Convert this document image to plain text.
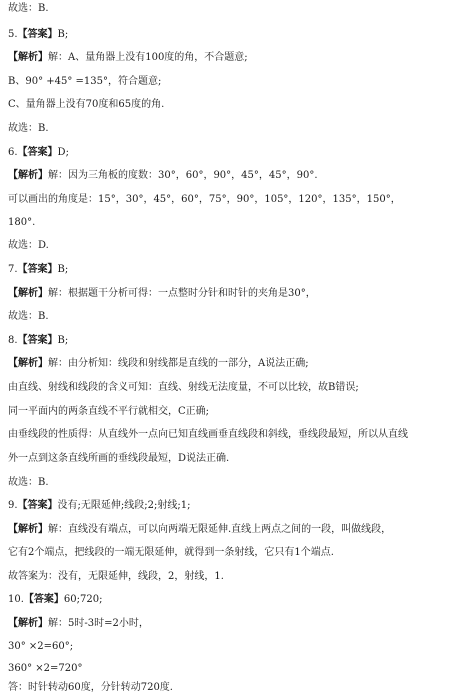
故选：B.
5.【答案】B;
【解析】解：A、量角器上没有100度的角，不合题意;
B、90° +45° =135°，符合题意;
C、量角器上没有70度和65度的角.
故选：B.
6.【答案】D;
【解析】解：因为三角板的度数：30°，60°，90°，45°，45°，90°.
可以画出的角度是：15°，30°，45°，60°，75°，90°，105°，120°，135°，150°，
180°.
故选：D.
7.【答案】B;
【解析】解：根据题干分析可得：一点整时分针和时针的夹角是30°，
故选：B.
8.【答案】B;
【解析】解：由分析知：线段和射线都是直线的一部分，A说法正确;
由直线、射线和线段的含义可知：直线、射线无法度量，不可以比较，故B错误;
同一平面内的两条直线不平行就相交，C正确;
由垂线段的性质得：从直线外一点向已知直线画垂直线段和斜线，垂线段最短，所以从直线
外一点到这条直线所画的垂线段最短，D说法正确.
故选：B.
9.【答案】没有;无限延伸;线段;2;射线;1;
【解析】解：直线没有端点，可以向两端无限延伸.直线上两点之间的一段，叫做线段，
它有2个端点，把线段的一端无限延伸，就得到一条射线，它只有1个端点.
故答案为：没有，无限延伸，线段，2，射线，1.
10.【答案】60;720;
【解析】解：5时-3时=2小时，
30° ×2=60°;
360° ×2=720°
答：时针转动60度，分针转动720度.
